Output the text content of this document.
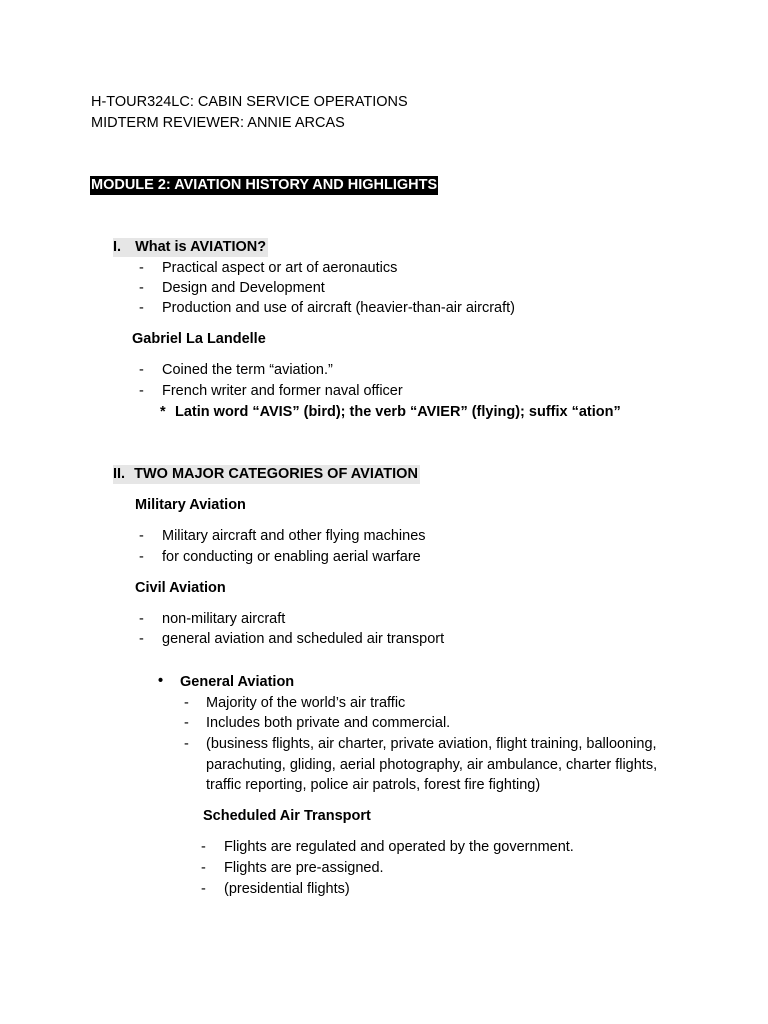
H-TOUR324LC: CABIN SERVICE OPERATIONS
MIDTERM REVIEWER: ANNIE ARCAS
MODULE 2: AVIATION HISTORY AND HIGHLIGHTS
I. What is AVIATION?
- Practical aspect or art of aeronautics
- Design and Development
- Production and use of aircraft (heavier-than-air aircraft)
Gabriel La Landelle
- Coined the term “aviation.”
- French writer and former naval officer
* Latin word “AVIS” (bird); the verb “AVIER” (flying); suffix “ation”
II. TWO MAJOR CATEGORIES OF AVIATION
Military Aviation
- Military aircraft and other flying machines
- for conducting or enabling aerial warfare
Civil Aviation
- non-military aircraft
- general aviation and scheduled air transport
• General Aviation
- Majority of the world’s air traffic
- Includes both private and commercial.
- (business flights, air charter, private aviation, flight training, ballooning,
parachuting, gliding, aerial photography, air ambulance, charter flights,
traffic reporting, police air patrols, forest fire fighting)
Scheduled Air Transport
- Flights are regulated and operated by the government.
- Flights are pre-assigned.
- (presidential flights)
